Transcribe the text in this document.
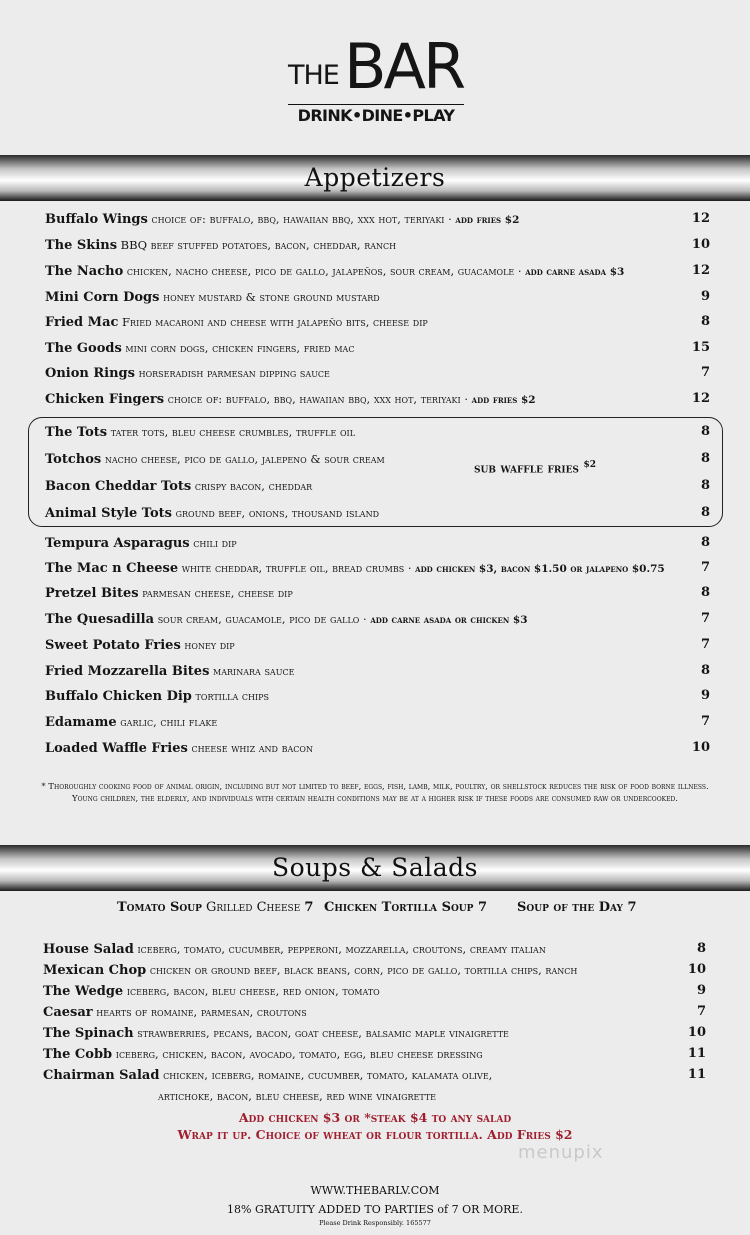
THE BAR
DRINK•DINE•PLAY
Appetizers
sub waffle fries $^{\$2}$
Buffalo Wings choice of: buffalo, bbq, hawaiian bbq, xxx hot, teriyaki · add fries $2	12
The Skins BBQ beef stuffed potatoes, bacon, cheddar, ranch	10
The Nacho chicken, nacho cheese, pico de gallo, jalapeños, sour cream, guacamole · add carne asada $3	12
Mini Corn Dogs honey mustard & stone ground mustard	9
Fried Mac Fried macaroni and cheese with jalapeño bits, cheese dip	8
The Goods mini corn dogs, chicken fingers, fried mac	15
Onion Rings horseradish parmesan dipping sauce	7
Chicken Fingers choice of: buffalo, bbq, hawaiian bbq, xxx hot, teriyaki · add fries $2	12
The Tots tater tots, bleu cheese crumbles, truffle oil	8
Totchos nacho cheese, pico de gallo, jalepeno & sour cream	8
Bacon Cheddar Tots crispy bacon, cheddar	8
Animal Style Tots ground beef, onions, thousand island	8
Tempura Asparagus chili dip	8
The Mac n Cheese white cheddar, truffle oil, bread crumbs · add chicken $3, bacon $1.50 or jalapeno $0.75	7
Pretzel Bites parmesan cheese, cheese dip	8
The Quesadilla sour cream, guacamole, pico de gallo · add carne asada or chicken $3	7
Sweet Potato Fries honey dip	7
Fried Mozzarella Bites marinara sauce	8
Buffalo Chicken Dip tortilla chips	9
Edamame garlic, chili flake	7
Loaded Waffle Fries cheese whiz and bacon	10
* Thoroughly cooking food of animal origin, including but not limited to beef, eggs, fish, lamb, milk, poultry, or shellstock reduces the risk of food borne illness. Young children, the elderly, and individuals with certain health conditions may be at a higher risk if these foods are consumed raw or undercooked.
Soups & Salads
Tomato Soup Grilled Cheese 7 Chicken Tortilla Soup 7 Soup of the Day 7
House Salad iceberg, tomato, cucumber, pepperoni, mozzarella, croutons, creamy italian	8
Mexican Chop chicken or ground beef, black beans, corn, pico de gallo, tortilla chips, ranch	10
The Wedge iceberg, bacon, bleu cheese, red onion, tomato	9
Caesar hearts of romaine, parmesan, croutons	7
The Spinach strawberries, pecans, bacon, goat cheese, balsamic maple vinaigrette	10
The Cobb iceberg, chicken, bacon, avocado, tomato, egg, bleu cheese dressing	11
Chairman Salad chicken, iceberg, romaine, cucumber, tomato, kalamata olive,	11
artichoke, bacon, bleu cheese, red wine vinaigrette
Add chicken $3 or *steak $4 to any salad
Wrap it up. Choice of wheat or flour tortilla. Add Fries $2
menupix
WWW.THEBARLV.COM
18% GRATUITY ADDED TO PARTIES of 7 OR MORE.
Please Drink Responsibly. 165577
